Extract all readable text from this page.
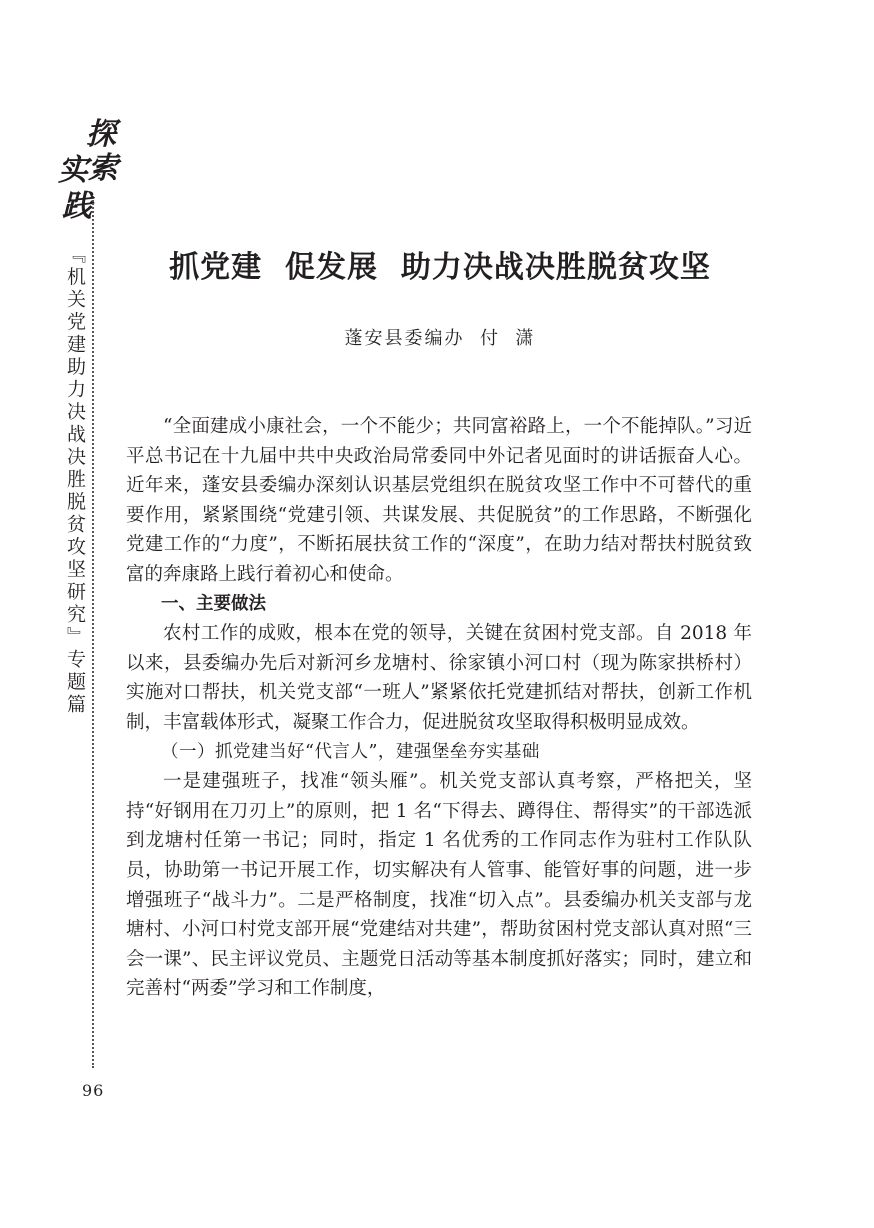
探
索
实
践
『机关党建助力决战决胜脱贫攻坚研究』专题篇
96
抓党建  促发展  助力决战决胜脱贫攻坚
蓬安县委编办  付  潇

“全面建成小康社会，一个不能少；共同富裕路上，一个不能掉队。”习近平总书记在十九届中共中央政治局常委同中外记者见面时的讲话振奋人心。近年来，蓬安县委编办深刻认识基层党组织在脱贫攻坚工作中不可替代的重要作用，紧紧围绕“党建引领、共谋发展、共促脱贫”的工作思路，不断强化党建工作的“力度”，不断拓展扶贫工作的“深度”，在助力结对帮扶村脱贫致富的奔康路上践行着初心和使命。

一、主要做法

农村工作的成败，根本在党的领导，关键在贫困村党支部。自 2018 年以来，县委编办先后对新河乡龙塘村、徐家镇小河口村（现为陈家拱桥村）实施对口帮扶，机关党支部“一班人”紧紧依托党建抓结对帮扶，创新工作机制，丰富载体形式，凝聚工作合力，促进脱贫攻坚取得积极明显成效。

（一）抓党建当好“代言人”，建强堡垒夯实基础

一是建强班子，找准“领头雁”。机关党支部认真考察，严格把关，坚持“好钢用在刀刃上”的原则，把 1 名“下得去、蹲得住、帮得实”的干部选派到龙塘村任第一书记；同时，指定 1 名优秀的工作同志作为驻村工作队队员，协助第一书记开展工作，切实解决有人管事、能管好事的问题，进一步增强班子“战斗力”。二是严格制度，找准“切入点”。县委编办机关支部与龙塘村、小河口村党支部开展“党建结对共建”，帮助贫困村党支部认真对照“三会一课”、民主评议党员、主题党日活动等基本制度抓好落实；同时，建立和完善村“两委”学习和工作制度，
